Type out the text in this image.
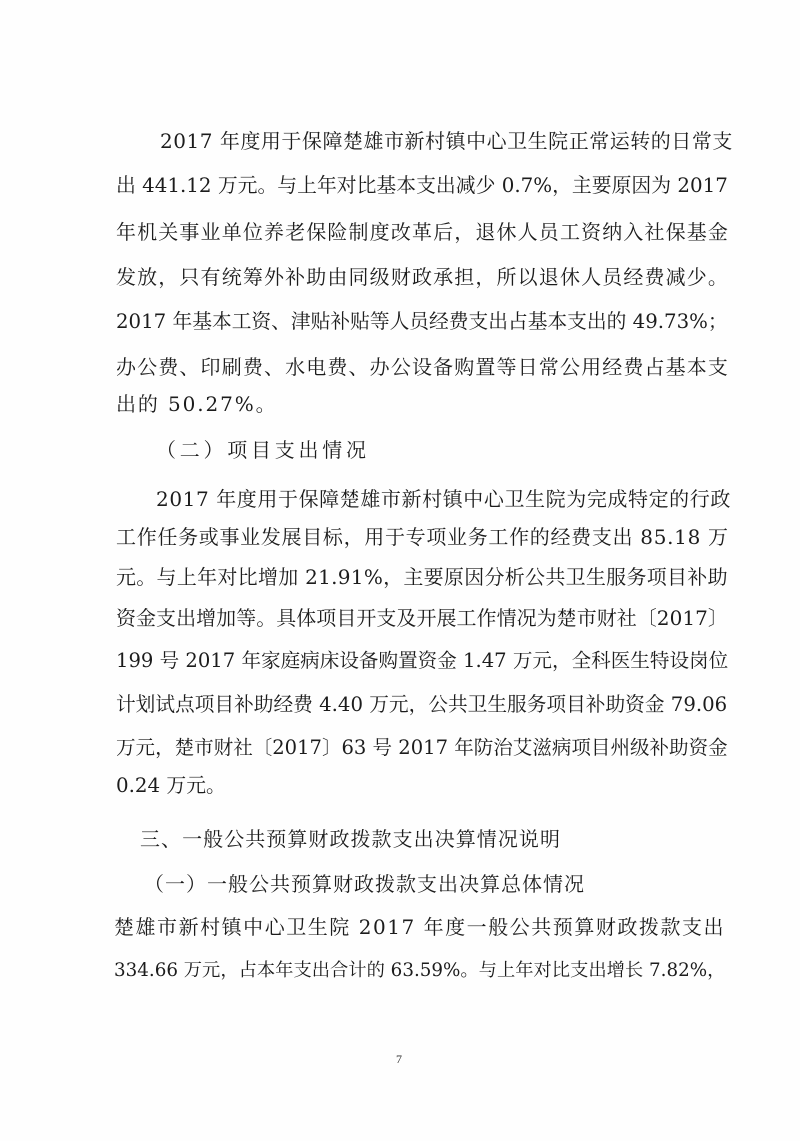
2017 年度用于保障楚雄市新村镇中心卫生院正常运转的日常支
出 441.12 万元。与上年对比基本支出减少 0.7%，主要原因为 2017
年机关事业单位养老保险制度改革后，退休人员工资纳入社保基金
发放，只有统筹外补助由同级财政承担，所以退休人员经费减少。
2017 年基本工资、津贴补贴等人员经费支出占基本支出的 49.73%；
办公费、印刷费、水电费、办公设备购置等日常公用经费占基本支
出的 50.27%。
（二）项目支出情况
2017 年度用于保障楚雄市新村镇中心卫生院为完成特定的行政
工作任务或事业发展目标，用于专项业务工作的经费支出 85.18 万
元。与上年对比增加 21.91%，主要原因分析公共卫生服务项目补助
资金支出增加等。具体项目开支及开展工作情况为楚市财社〔2017〕
199 号 2017 年家庭病床设备购置资金 1.47 万元，全科医生特设岗位
计划试点项目补助经费 4.40 万元，公共卫生服务项目补助资金 79.06
万元，楚市财社〔2017〕63 号 2017 年防治艾滋病项目州级补助资金
0.24 万元。
三、一般公共预算财政拨款支出决算情况说明
（一）一般公共预算财政拨款支出决算总体情况
楚雄市新村镇中心卫生院 2017 年度一般公共预算财政拨款支出
334.66 万元，占本年支出合计的 63.59%。与上年对比支出增长 7.82%，
7
